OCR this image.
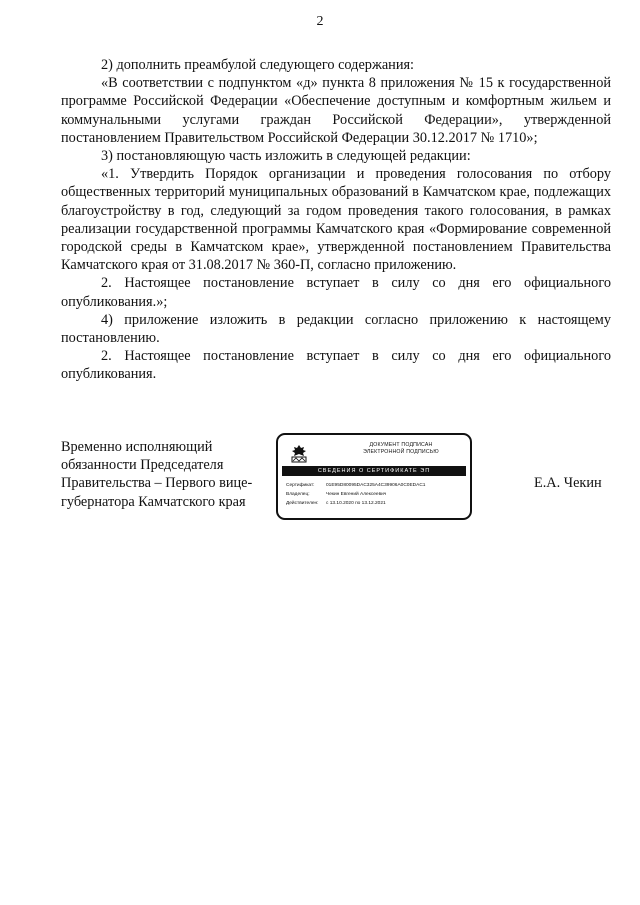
2

2) дополнить преамбулой следующего содержания:

«В соответствии с подпунктом «д» пункта 8 приложения № 15 к государственной программе Российской Федерации «Обеспечение доступным и комфортным жильем и коммунальными услугами граждан Российской Федерации», утвержденной постановлением Правительством Российской Федерации 30.12.2017 № 1710»;

3) постановляющую часть изложить в следующей редакции:

«1. Утвердить Порядок организации и проведения голосования по отбору общественных территорий муниципальных образований в Камчатском крае, подлежащих благоустройству в год, следующий за годом проведения такого голосования, в рамках реализации государственной программы Камчатского края «Формирование современной городской среды в Камчатском крае», утвержденной постановлением Правительства Камчатского края от 31.08.2017 № 360-П, согласно приложению.

2. Настоящее постановление вступает в силу со дня его официального опубликования.»;

4) приложение изложить в редакции согласно приложению к настоящему постановлению.

2. Настоящее постановление вступает в силу со дня его официального опубликования.

Временно исполняющий
обязанности Председателя
Правительства – Первого вице-
губернатора Камчатского края
ДОКУМЕНТ ПОДПИСАН
ЭЛЕКТРОННОЙ ПОДПИСЬЮ
СВЕДЕНИЯ О СЕРТИФИКАТЕ ЭП
Сертификат: 01E95D80095DAC325A4C39906A0C0EDAC1
Владелец:	Чекин Евгений Алексеевич
Действителен: с 13.10.2020 по 13.12.2021
Е.А. Чекин
